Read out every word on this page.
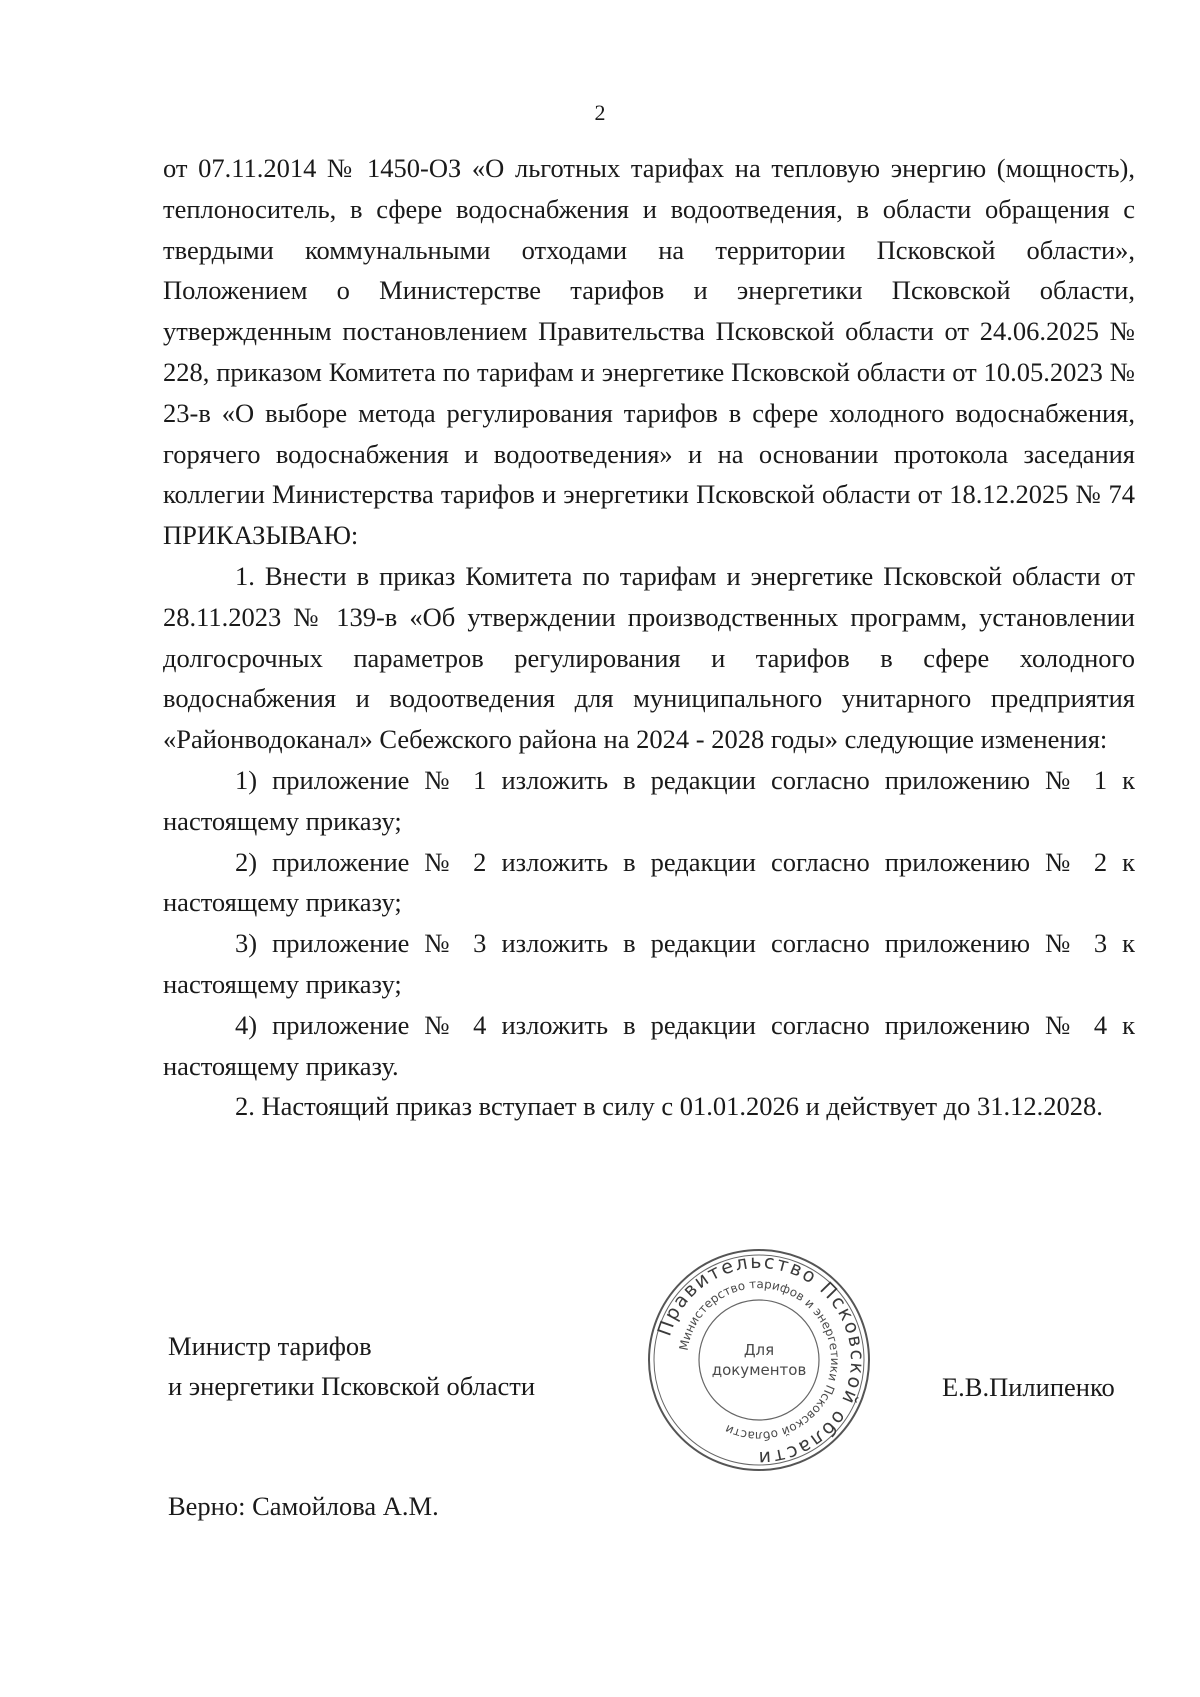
2

от 07.11.2014 № 1450-ОЗ «О льготных тарифах на тепловую энергию (мощность), теплоноситель, в сфере водоснабжения и водоотведения, в области обращения с твердыми коммунальными отходами на территории Псковской области», Положением о Министерстве тарифов и энергетики Псковской области, утвержденным постановлением Правительства Псковской области от 24.06.2025 № 228, приказом Комитета по тарифам и энергетике Псковской области от 10.05.2023 № 23-в «О выборе метода регулирования тарифов в сфере холодного водоснабжения, горячего водоснабжения и водоотведения» и на основании протокола заседания коллегии Министерства тарифов и энергетики Псковской области от 18.12.2025 № 74

ПРИКАЗЫВАЮ:

1. Внести в приказ Комитета по тарифам и энергетике Псковской области от 28.11.2023 № 139-в «Об утверждении производственных программ, установлении долгосрочных параметров регулирования и тарифов в сфере холодного водоснабжения и водоотведения для муниципального унитарного предприятия «Районводоканал» Себежского района на 2024 - 2028 годы» следующие изменения:

1) приложение № 1 изложить в редакции согласно приложению № 1 к настоящему приказу;

2) приложение № 2 изложить в редакции согласно приложению № 2 к настоящему приказу;

3) приложение № 3 изложить в редакции согласно приложению № 3 к настоящему приказу;

4) приложение № 4 изложить в редакции согласно приложению № 4 к настоящему приказу.

2. Настоящий приказ вступает в силу с 01.01.2026 и действует до 31.12.2028.

Министр тарифов
и энергетики Псковской области
Правительство Псковской области
Министерство тарифов и энергетики Псковской области
Для
документов
Е.В.Пилипенко
Верно: Самойлова А.М.
